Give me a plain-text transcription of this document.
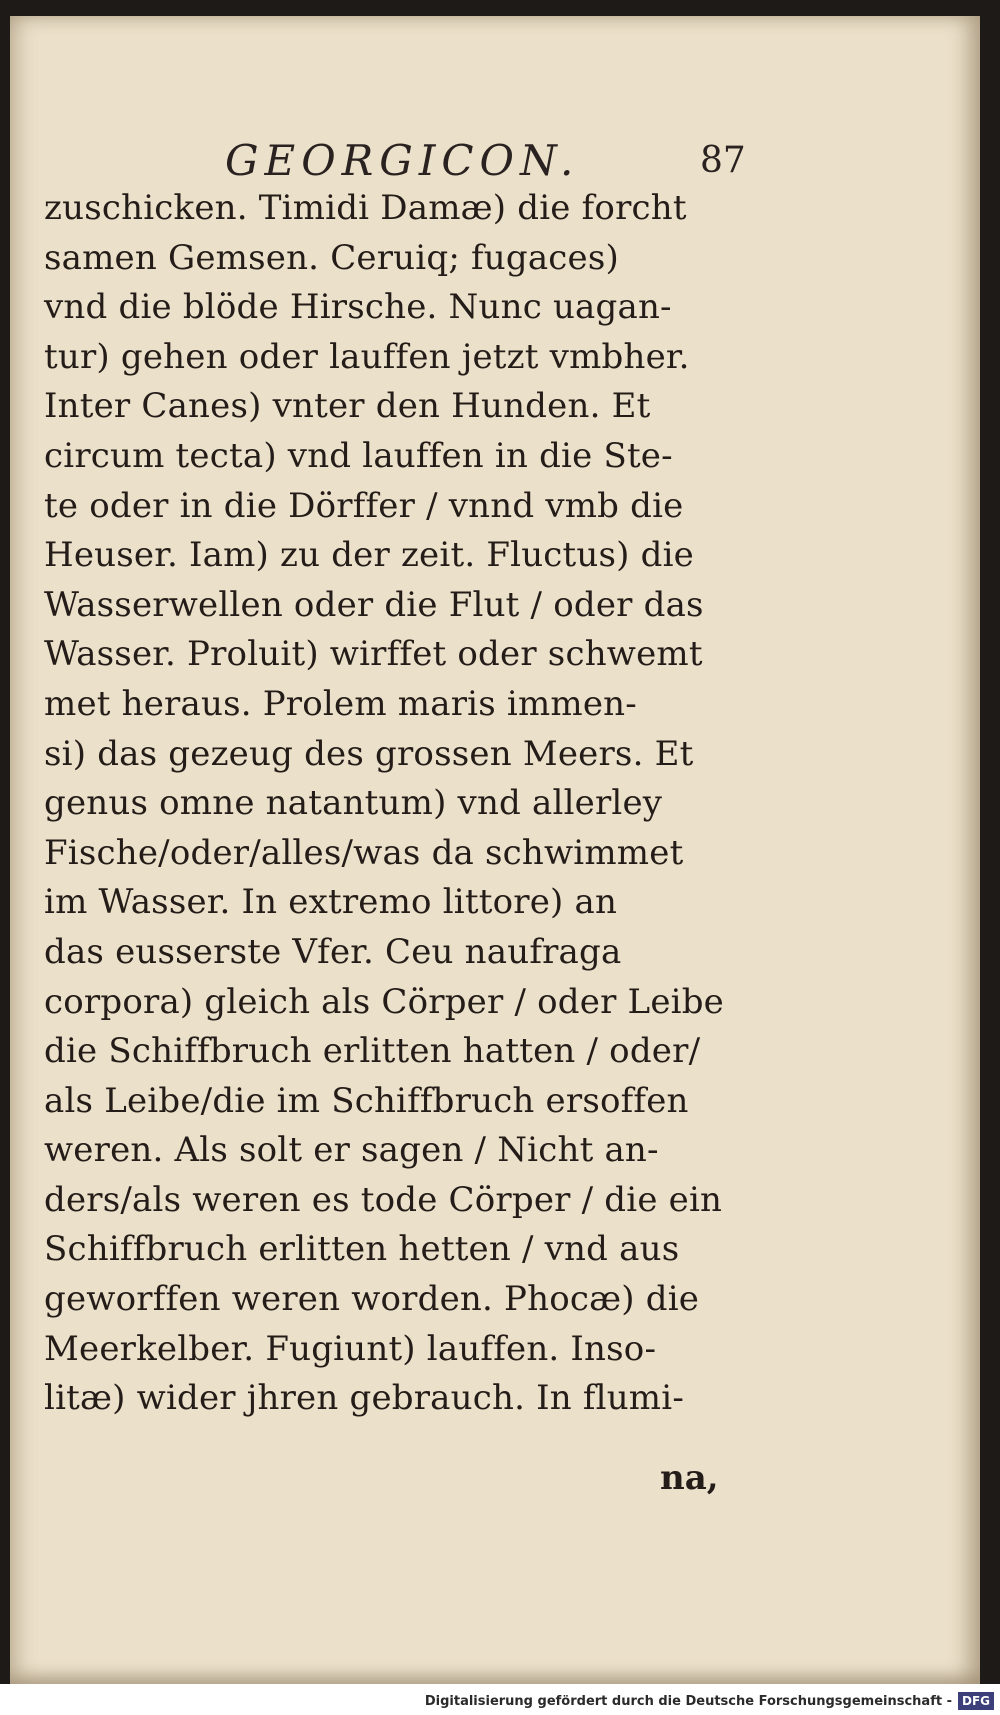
GEORGICON.	87
zuschicken. Timidi Damæ) die forcht
samen Gemsen. Ceruiq; fugaces)
vnd die blöde Hirsche. Nunc uagan-
tur) gehen oder lauffen jetzt vmbher.
Inter Canes) vnter den Hunden. Et
circum tecta) vnd lauffen in die Ste-
te oder in die Dörffer / vnnd vmb die
Heuser. Iam) zu der zeit. Fluctus) die
Wasserwellen oder die Flut / oder das
Wasser. Proluit) wirffet oder schwemt
met heraus. Prolem maris immen-
si) das gezeug des grossen Meers. Et
genus omne natantum) vnd allerley
Fische/oder/alles/was da schwimmet
im Wasser. In extremo littore) an
das eusserste Vfer. Ceu naufraga
corpora) gleich als Cörper / oder Leibe
die Schiffbruch erlitten hatten / oder/
als Leibe/die im Schiffbruch ersoffen
weren. Als solt er sagen / Nicht an-
ders/als weren es tode Cörper / die ein
Schiffbruch erlitten hetten / vnd aus
geworffen weren worden. Phocæ) die
Meerkelber. Fugiunt) lauffen. Inso-
litæ) wider jhren gebrauch. In flumi-
na,
Digitalisierung gefördert durch die Deutsche Forschungsgemeinschaft - DFG
